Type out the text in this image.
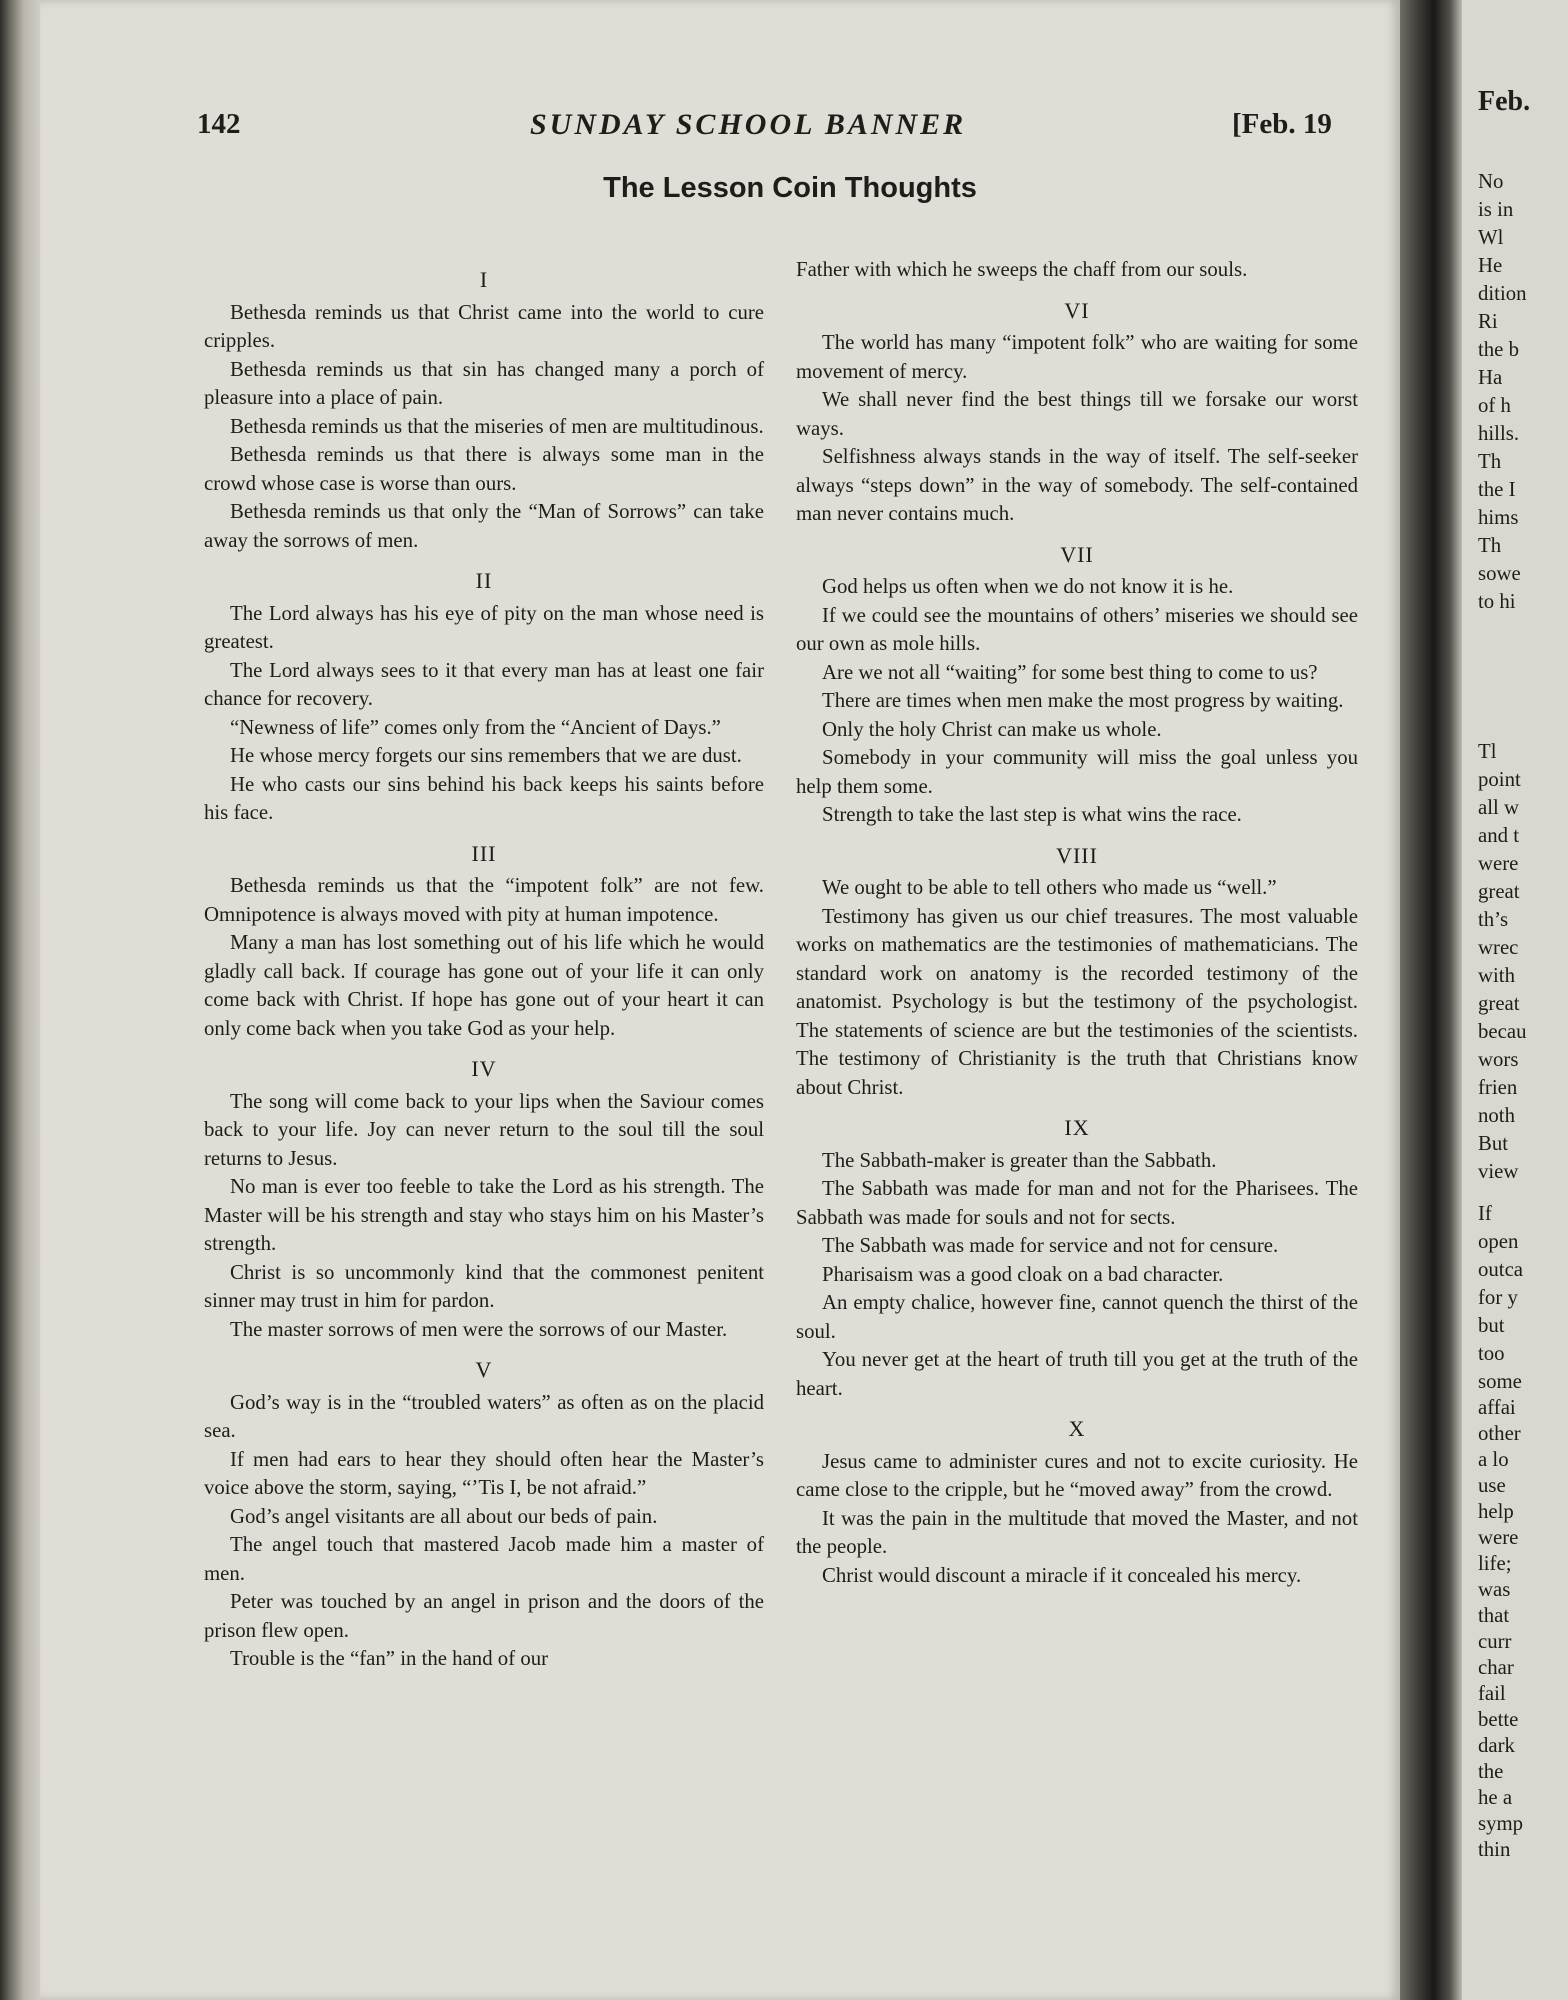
Feb.
No
is in
Wl
He
dition
Ri
the b
Ha
of h
hills.
Th
the I
hims
Th
sowe
to hi
Tl
point
all w
and t
were
great
th’s
wrec
with
great
becau
wors
frien
noth
But
view
If
open
outca
for y
but
too
some
affai
other
a lo
use
help
were
life;
was
that
curr
char
fail
bette
dark
the
he a
symp
thin
142	SUNDAY SCHOOL BANNER	[Feb. 19
The Lesson Coin Thoughts
I

Bethesda reminds us that Christ came into the world to cure cripples.

Bethesda reminds us that sin has changed many a porch of pleasure into a place of pain.

Bethesda reminds us that the miseries of men are multitudinous.

Bethesda reminds us that there is always some man in the crowd whose case is worse than ours.

Bethesda reminds us that only the “Man of Sorrows” can take away the sorrows of men.

II

The Lord always has his eye of pity on the man whose need is greatest.

The Lord always sees to it that every man has at least one fair chance for recovery.

“Newness of life” comes only from the “Ancient of Days.”

He whose mercy forgets our sins remembers that we are dust.

He who casts our sins behind his back keeps his saints before his face.

III

Bethesda reminds us that the “impotent folk” are not few. Omnipotence is always moved with pity at human impotence.

Many a man has lost something out of his life which he would gladly call back. If courage has gone out of your life it can only come back with Christ. If hope has gone out of your heart it can only come back when you take God as your help.

IV

The song will come back to your lips when the Saviour comes back to your life. Joy can never return to the soul till the soul returns to Jesus.

No man is ever too feeble to take the Lord as his strength. The Master will be his strength and stay who stays him on his Master’s strength.

Christ is so uncommonly kind that the commonest penitent sinner may trust in him for pardon.

The master sorrows of men were the sorrows of our Master.

V

God’s way is in the “troubled waters” as often as on the placid sea.

If men had ears to hear they should often hear the Master’s voice above the storm, saying, “’Tis I, be not afraid.”

God’s angel visitants are all about our beds of pain.

The angel touch that mastered Jacob made him a master of men.

Peter was touched by an angel in prison and the doors of the prison flew open.

Trouble is the “fan” in the hand of our

Father with which he sweeps the chaff from our souls.

VI

The world has many “impotent folk” who are waiting for some movement of mercy.

We shall never find the best things till we forsake our worst ways.

Selfishness always stands in the way of itself. The self-seeker always “steps down” in the way of somebody. The self-contained man never contains much.

VII

God helps us often when we do not know it is he.

If we could see the mountains of others’ miseries we should see our own as mole hills.

Are we not all “waiting” for some best thing to come to us?

There are times when men make the most progress by waiting.

Only the holy Christ can make us whole.

Somebody in your community will miss the goal unless you help them some.

Strength to take the last step is what wins the race.

VIII

We ought to be able to tell others who made us “well.”

Testimony has given us our chief treasures. The most valuable works on mathematics are the testimonies of mathematicians. The standard work on anatomy is the recorded testimony of the anatomist. Psychology is but the testimony of the psychologist. The statements of science are but the testimonies of the scientists. The testimony of Christianity is the truth that Christians know about Christ.

IX

The Sabbath-maker is greater than the Sabbath.

The Sabbath was made for man and not for the Pharisees. The Sabbath was made for souls and not for sects.

The Sabbath was made for service and not for censure.

Pharisaism was a good cloak on a bad character.

An empty chalice, however fine, cannot quench the thirst of the soul.

You never get at the heart of truth till you get at the truth of the heart.

X

Jesus came to administer cures and not to excite curiosity. He came close to the cripple, but he “moved away” from the crowd.

It was the pain in the multitude that moved the Master, and not the people.

Christ would discount a miracle if it concealed his mercy.
